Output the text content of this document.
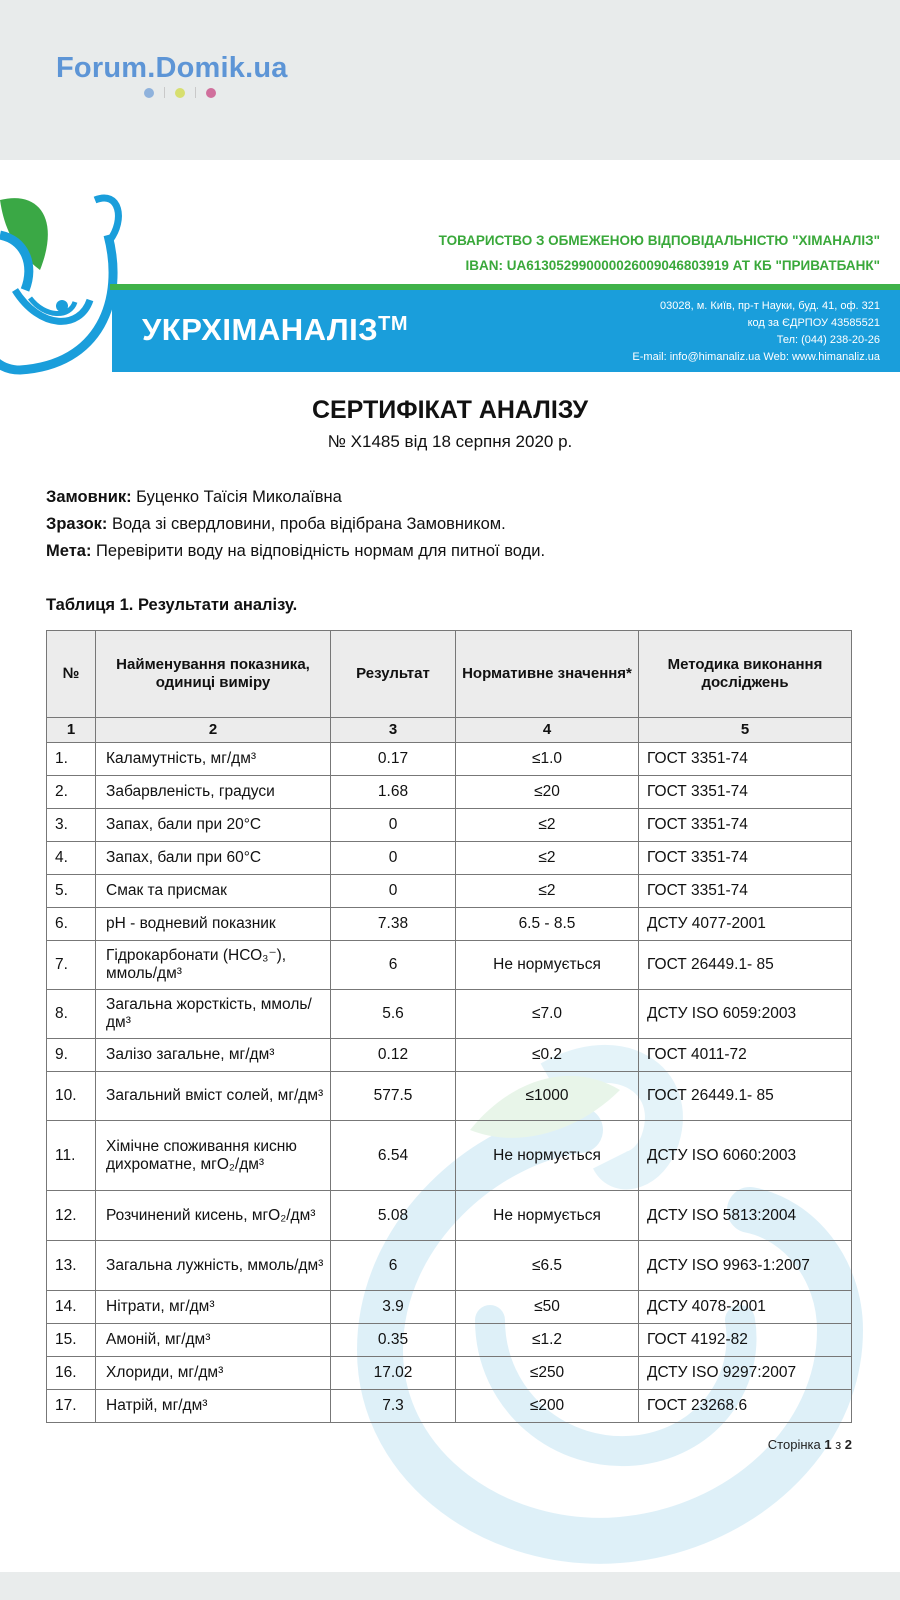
Forum.Domik.ua
ТОВАРИСТВО З ОБМЕЖЕНОЮ ВІДПОВІДАЛЬНІСТЮ "ХІМАНАЛІЗ"
IBAN: UA613052990000026009046803919 АТ КБ "ПРИВАТБАНК"
УКРХІМАНАЛІЗ™
03028, м. Київ, пр-т Науки, буд. 41, оф. 321
код за ЄДРПОУ 43585521
Тел: (044) 238-20-26
E-mail: info@himanaliz.ua Web: www.himanaliz.ua
СЕРТИФІКАТ АНАЛІЗУ
№ Х1485 від 18 серпня 2020 р.
Замовник: Буценко Таїсія Миколаївна
Зразок: Вода зі свердловини, проба відібрана Замовником.
Мета: Перевірити воду на відповідність нормам для питної води.
Таблиця 1. Результати аналізу.
№	Найменування показника, одиниці виміру	Результат	Нормативне значення*	Методика виконання досліджень
1	2	3	4	5
1.	Каламутність, мг/дм³	0.17	≤1.0	ГОСТ 3351-74
2.	Забарвленість, градуси	1.68	≤20	ГОСТ 3351-74
3.	Запах, бали при 20°С	0	≤2	ГОСТ 3351-74
4.	Запах, бали при 60°С	0	≤2	ГОСТ 3351-74
5.	Смак та присмак	0	≤2	ГОСТ 3351-74
6.	рН - водневий показник	7.38	6.5 - 8.5	ДСТУ 4077-2001
7.	Гідрокарбонати (НСО₃⁻), ммоль/дм³	6	Не нормується	ГОСТ 26449.1- 85
8.	Загальна жорсткість, ммоль/дм³	5.6	≤7.0	ДСТУ ISO 6059:2003
9.	Залізо загальне, мг/дм³	0.12	≤0.2	ГОСТ 4011-72
10.	Загальний вміст солей, мг/дм³	577.5	≤1000	ГОСТ 26449.1- 85
11.	Хімічне споживання кисню дихроматне, мгО₂/дм³	6.54	Не нормується	ДСТУ ISO 6060:2003
12.	Розчинений кисень, мгО₂/дм³	5.08	Не нормується	ДСТУ ISO 5813:2004
13.	Загальна лужність, ммоль/дм³	6	≤6.5	ДСТУ ISO 9963-1:2007
14.	Нітрати, мг/дм³	3.9	≤50	ДСТУ 4078-2001
15.	Амоній, мг/дм³	0.35	≤1.2	ГОСТ 4192-82
16.	Хлориди, мг/дм³	17.02	≤250	ДСТУ ISO 9297:2007
17.	Натрій, мг/дм³	7.3	≤200	ГОСТ 23268.6
Сторінка 1 з 2
